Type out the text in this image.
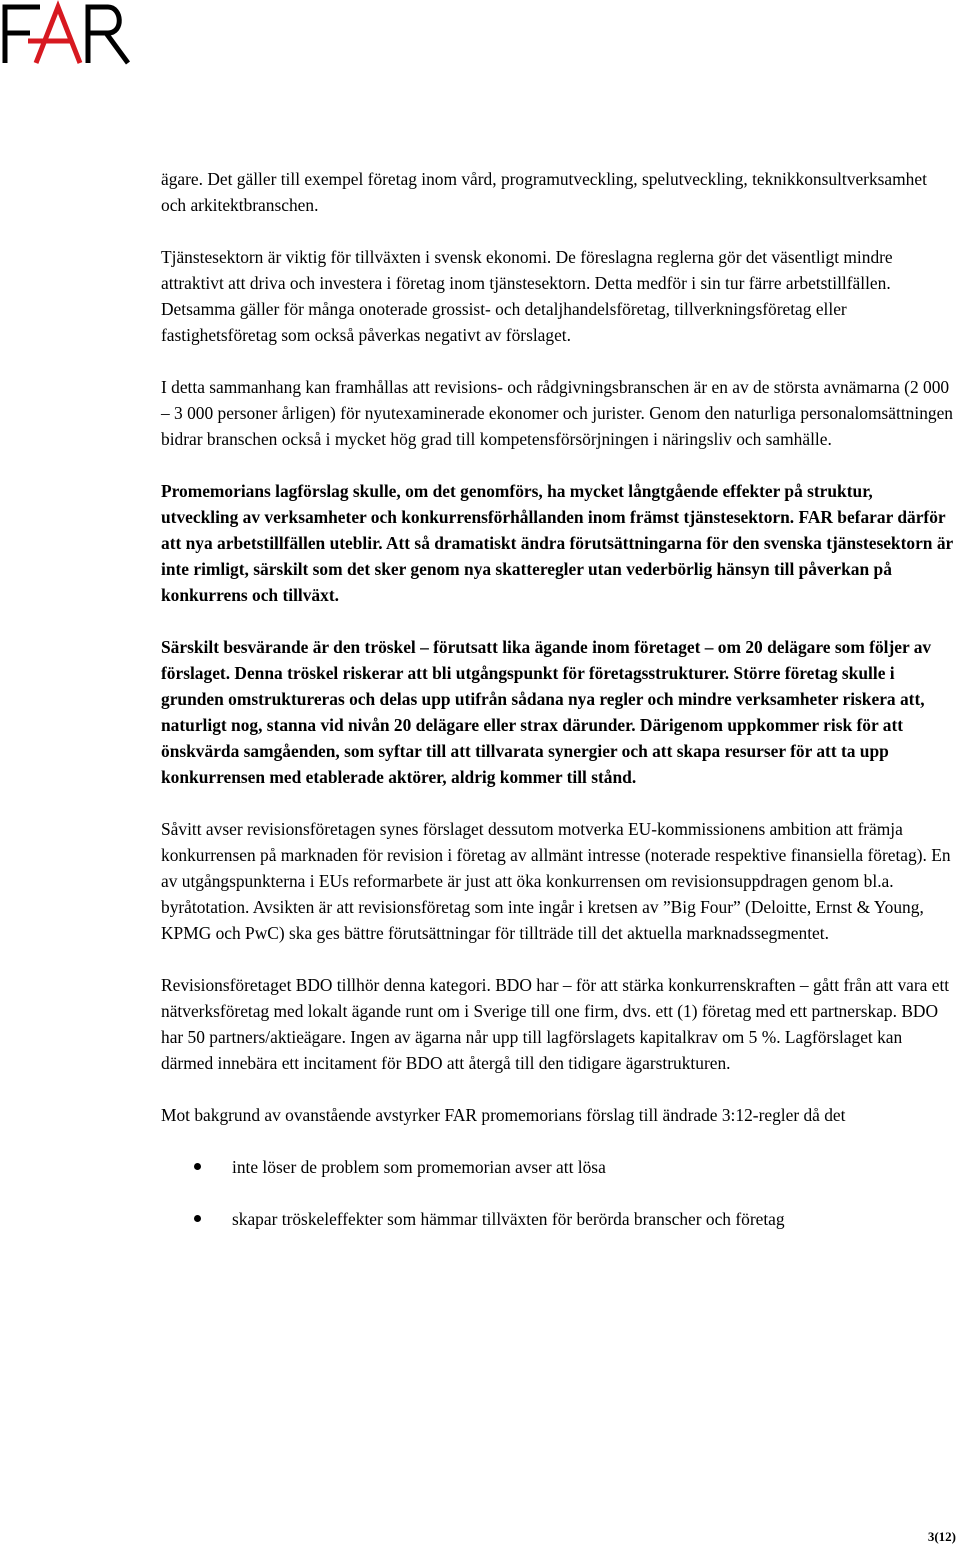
ägare. Det gäller till exempel företag inom vård, programutveckling, spelutveckling, teknikkonsultverksamhet och arkitektbranschen.

Tjänstesektorn är viktig för tillväxten i svensk ekonomi. De föreslagna reglerna gör det väsentligt mindre attraktivt att driva och investera i företag inom tjänstesektorn. Detta medför i sin tur färre arbetstillfällen. Detsamma gäller för många onoterade grossist- och detaljhandelsföretag, tillverkningsföretag eller fastighetsföretag som också påverkas negativt av förslaget.

I detta sammanhang kan framhållas att revisions- och rådgivningsbranschen är en av de största avnämarna (2 000 – 3 000 personer årligen) för nyutexaminerade ekonomer och jurister. Genom den naturliga personalomsättningen bidrar branschen också i mycket hög grad till kompetensförsörjningen i näringsliv och samhälle.

Promemorians lagförslag skulle, om det genomförs, ha mycket långtgående effekter på struktur, utveckling av verksamheter och konkurrensförhållanden inom främst tjänstesektorn. FAR befarar därför att nya arbetstillfällen uteblir. Att så dramatiskt ändra förutsättningarna för den svenska tjänstesektorn är inte rimligt, särskilt som det sker genom nya skatteregler utan vederbörlig hänsyn till påverkan på konkurrens och tillväxt.

Särskilt besvärande är den tröskel – förutsatt lika ägande inom företaget – om 20 delägare som följer av förslaget. Denna tröskel riskerar att bli utgångspunkt för företagsstrukturer. Större företag skulle i grunden omstruktureras och delas upp utifrån sådana nya regler och mindre verksamheter riskera att, naturligt nog, stanna vid nivån 20 delägare eller strax därunder. Därigenom uppkommer risk för att önskvärda samgåenden, som syftar till att tillvarata synergier och att skapa resurser för att ta upp konkurrensen med etablerade aktörer, aldrig kommer till stånd.

Såvitt avser revisionsföretagen synes förslaget dessutom motverka EU-kommissionens ambition att främja konkurrensen på marknaden för revision i företag av allmänt intresse (noterade respektive finansiella företag). En av utgångspunkterna i EUs reformarbete är just att öka konkurrensen om revisionsuppdragen genom bl.a. byråtotation. Avsikten är att revisionsföretag som inte ingår i kretsen av ”Big Four” (Deloitte, Ernst & Young, KPMG och PwC) ska ges bättre förutsättningar för tillträde till det aktuella marknadssegmentet.

Revisionsföretaget BDO tillhör denna kategori. BDO har – för att stärka konkurrenskraften – gått från att vara ett nätverksföretag med lokalt ägande runt om i Sverige till one firm, dvs. ett (1) företag med ett partnerskap. BDO har 50 partners/aktieägare. Ingen av ägarna når upp till lagförslagets kapitalkrav om 5 %. Lagförslaget kan därmed innebära ett incitament för BDO att återgå till den tidigare ägarstrukturen.

Mot bakgrund av ovanstående avstyrker FAR promemorians förslag till ändrade 3:12-regler då det

inte löser de problem som promemorian avser att lösa
skapar tröskeleffekter som hämmar tillväxten för berörda branscher och företag
3(12)
